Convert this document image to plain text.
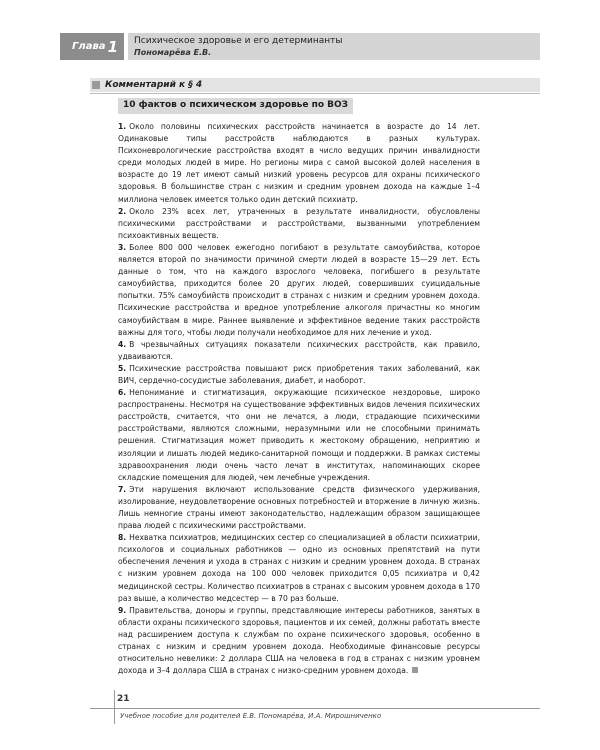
Глава 1 Психическое здоровье и его детерминанты
Пономарёва Е.В.
Комментарий к § 4
10 фактов о психическом здоровье по ВОЗ

1. Около половины психических расстройств начинается в возрасте до 14 лет. Одинаковые типы расстройств наблюдаются в разных культурах. Психоневрологические расстройства входят в число ведущих причин инвалидности среди молодых людей в мире. Но регионы мира с самой высокой долей населения в возрасте до 19 лет имеют самый низкий уровень ресурсов для охраны психического здоровья. В большинстве стран с низким и средним уровнем дохода на каждые 1–4 миллиона человек имеется только один детский психиатр.

2. Около 23% всех лет, утраченных в результате инвалидности, обусловлены психическими расстройствами и расстройствами, вызванными употреблением психоактивных веществ.

3. Более 800 000 человек ежегодно погибают в результате самоубийства, которое является второй по значимости причиной смерти людей в возрасте 15—29 лет. Есть данные о том, что на каждого взрослого человека, погибшего в результате самоубийства, приходится более 20 других людей, совершивших суицидальные попытки. 75% самоубийств происходит в странах с низким и средним уровнем дохода. Психические расстройства и вредное употребление алкоголя причастны ко многим самоубийствам в мире. Раннее выявление и эффективное ведение таких расстройств важны для того, чтобы люди получали необходимое для них лечение и уход.

4. В чрезвычайных ситуациях показатели психических расстройств, как правило, удваиваются.

5. Психические расстройства повышают риск приобретения таких заболеваний, как ВИЧ, сердечно-сосудистые заболевания, диабет, и наоборот.

6. Непонимание и стигматизация, окружающие психическое нездоровье, широко распространены. Несмотря на существование эффективных видов лечения психических расстройств, считается, что они не лечатся, а люди, страдающие психическими расстройствами, являются сложными, неразумными или не способными принимать решения. Стигматизация может приводить к жестокому обращению, неприятию и изоляции и лишать людей медико-санитарной помощи и поддержки. В рамках системы здравоохранения люди очень часто лечат в институтах, напоминающих скорее складские помещения для людей, чем лечебные учреждения.

7. Эти нарушения включают использование средств физического удерживания, изолирование, неудовлетворение основных потребностей и вторжение в личную жизнь. Лишь немногие страны имеют законодательство, надлежащим образом защищающее права людей с психическими расстройствами.

8. Нехватка психиатров, медицинских сестер со специализацией в области психиатрии, психологов и социальных работников — одно из основных препятствий на пути обеспечения лечения и ухода в странах с низким и средним уровнем дохода. В странах с низким уровнем дохода на 100 000 человек приходится 0,05 психиатра и 0,42 медицинской сестры. Количество психиатров в странах с высоким уровнем дохода в 170 раз выше, а количество медсестер — в 70 раз больше.

9. Правительства, доноры и группы, представляющие интересы работников, занятых в области охраны психического здоровья, пациентов и их семей, должны работать вместе над расширением доступа к службам по охране психического здоровья, особенно в странах с низким и средним уровнем дохода. Необходимые финансовые ресурсы относительно невелики: 2 доллара США на человека в год в странах с низким уровнем дохода и 3–4 доллара США в странах с низко-средним уровнем дохода.

21
Учебное пособие для родителей Е.В. Пономарёва, И.А. Мирошниченко
